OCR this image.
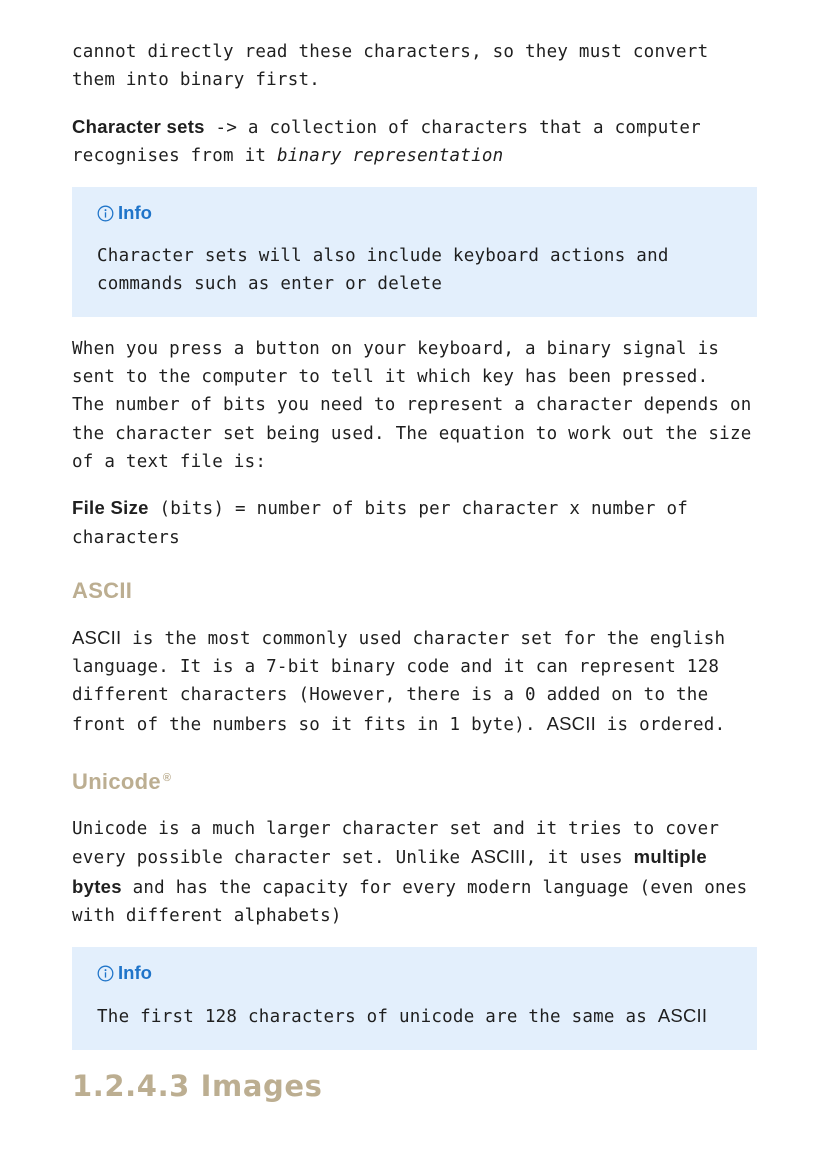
cannot directly read these characters, so they must convert them into binary first.

Character sets -> a collection of characters that a computer recognises from it binary representation

Info

Character sets will also include keyboard actions and commands such as enter or delete

When you press a button on your keyboard, a binary signal is sent to the computer to tell it which key has been pressed.
The number of bits you need to represent a character depends on the character set being used. The equation to work out the size of a text file is:

File Size (bits) = number of bits per character x number of characters

ASCII

ASCII is the most commonly used character set for the english language. It is a 7-bit binary code and it can represent 128 different characters (However, there is a 0 added on to the front of the numbers so it fits in 1 byte). ASCII is ordered.

Unicode ®

Unicode is a much larger character set and it tries to cover every possible character set. Unlike ASCIII, it uses multiple bytes and has the capacity for every modern language (even ones with different alphabets)

Info

The first 128 characters of unicode are the same as ASCII

1.2.4.3 Images
